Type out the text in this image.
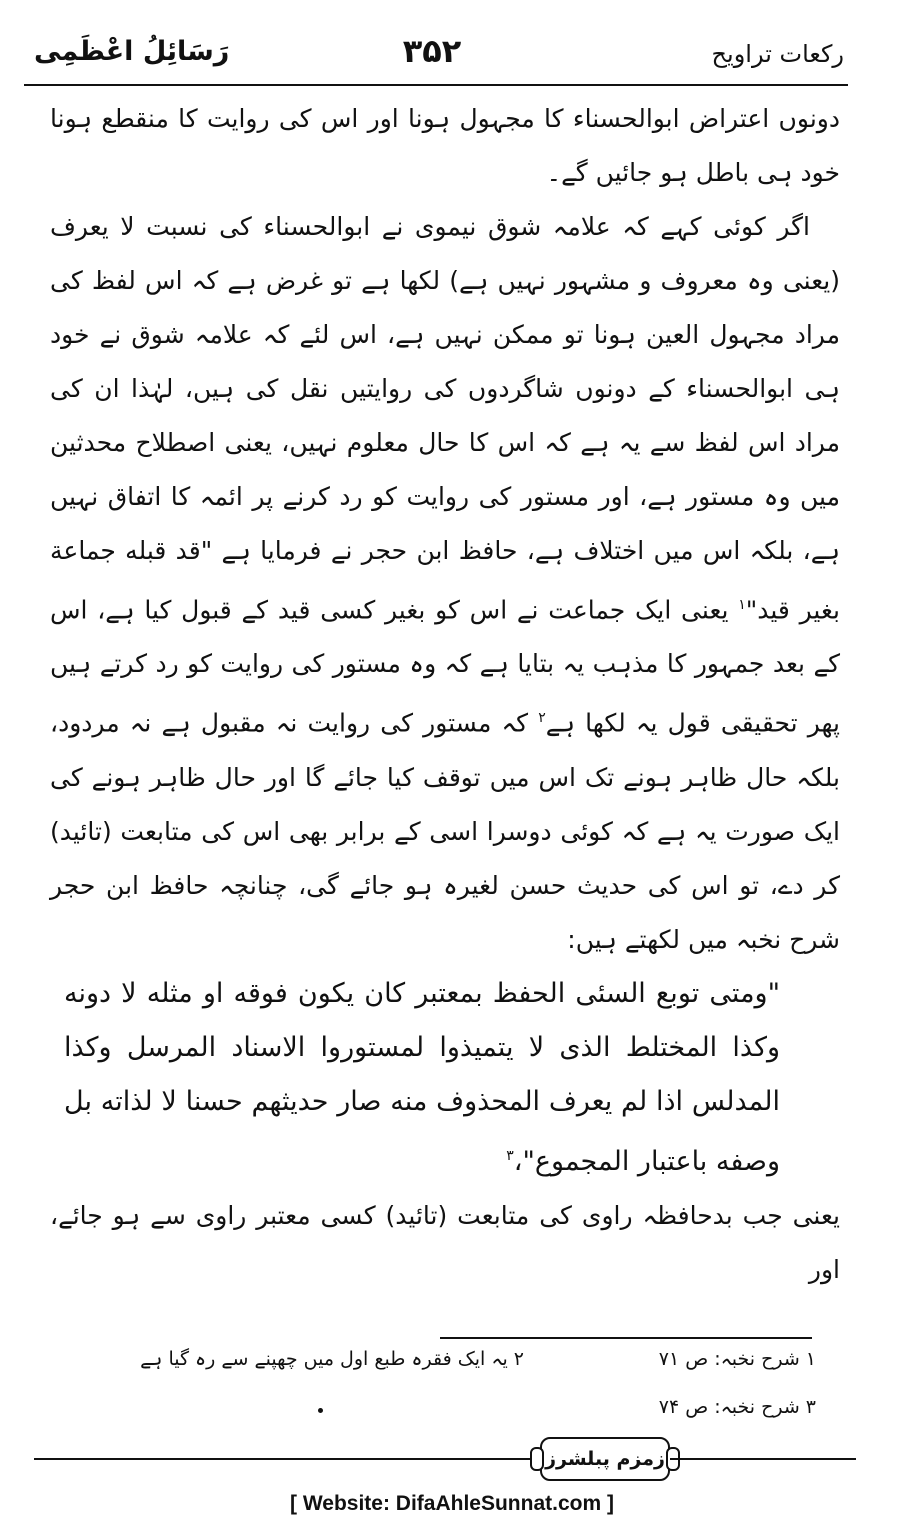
رَسَائِلُ اعْظَمِی	۳۵۲	رکعات تراویح

دونوں اعتراض ابوالحسناء کا مجہول ہونا اور اس کی روایت کا منقطع ہونا خود ہی باطل ہو جائیں گے۔

اگر کوئی کہے کہ علامہ شوق نیموی نے ابوالحسناء کی نسبت لا یعرف (یعنی وہ معروف و مشہور نہیں ہے) لکھا ہے تو غرض ہے کہ اس لفظ کی مراد مجہول العین ہونا تو ممکن نہیں ہے، اس لئے کہ علامہ شوق نے خود ہی ابوالحسناء کے دونوں شاگردوں کی روایتیں نقل کی ہیں، لہٰذا ان کی مراد اس لفظ سے یہ ہے کہ اس کا حال معلوم نہیں، یعنی اصطلاح محدثین میں وہ مستور ہے، اور مستور کی روایت کو رد کرنے پر ائمہ کا اتفاق نہیں ہے، بلکہ اس میں اختلاف ہے، حافظ ابن حجر نے فرمایا ہے "قد قبله جماعة بغير قيد"$^۱$ یعنی ایک جماعت نے اس کو بغیر کسی قید کے قبول کیا ہے، اس کے بعد جمہور کا مذہب یہ بتایا ہے کہ وہ مستور کی روایت کو رد کرتے ہیں پھر تحقیقی قول یہ لکھا ہے$^۲$ کہ مستور کی روایت نہ مقبول ہے نہ مردود، بلکہ حال ظاہر ہونے تک اس میں توقف کیا جائے گا اور حال ظاہر ہونے کی ایک صورت یہ ہے کہ کوئی دوسرا اسی کے برابر بھی اس کی متابعت (تائید) کر دے، تو اس کی حدیث حسن لغیرہ ہو جائے گی، چنانچہ حافظ ابن حجر شرح نخبہ میں لکھتے ہیں:

"ومتى توبع السئى الحفظ بمعتبر كان يكون فوقه او مثله لا دونه وكذا المختلط الذى لا يتميذوا لمستوروا الاسناد المرسل وكذا المدلس اذا لم يعرف المحذوف منه صار حديثهم حسنا لا لذاته بل وصفه باعتبار المجموع"،$^۳$

یعنی جب بدحافظہ راوی کی متابعت (تائید) کسی معتبر راوی سے ہو جائے، اور

۱ شرح نخبہ: ص ۷۱
۲ یہ ایک فقرہ طبع اول میں چھپنے سے رہ گیا ہے
۳ شرح نخبہ: ص ۷۴
زمزم پبلشرز
[ Website: DifaAhleSunnat.com ]
